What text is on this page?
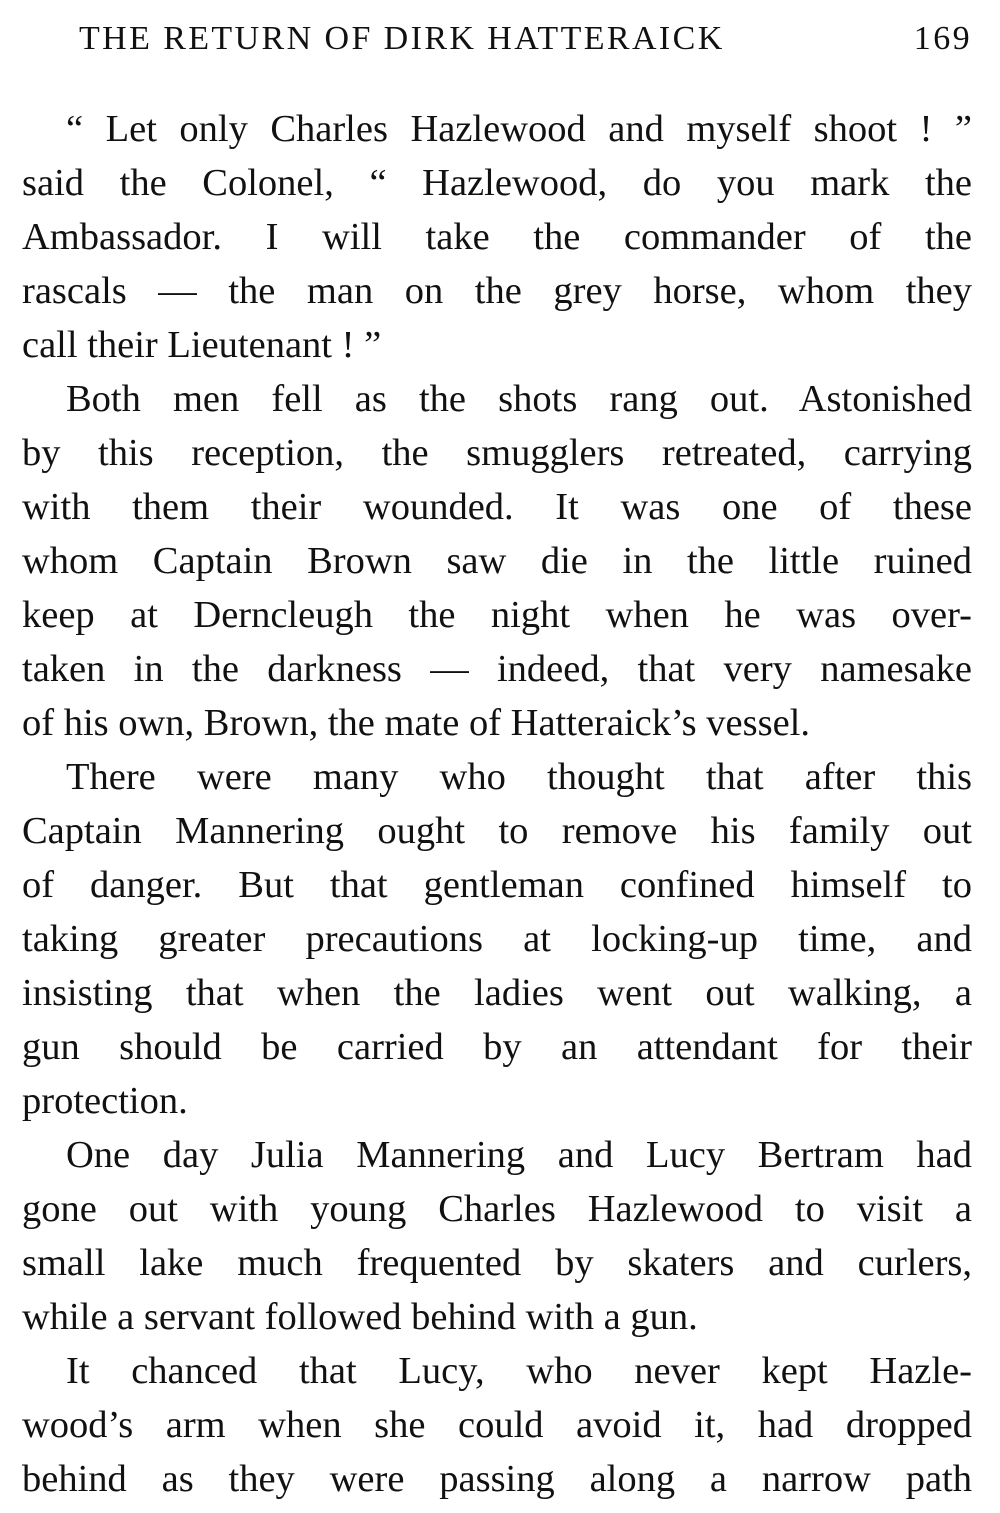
THE RETURN OF DIRK HATTERAICK	169
“ Let only Charles Hazlewood and myself shoot ! ”
said the Colonel, “ Hazlewood, do you mark the
Ambassador. I will take the commander of the
rascals — the man on the grey horse, whom they
call their Lieutenant ! ”
Both men fell as the shots rang out. Astonished
by this reception, the smugglers retreated, carrying
with them their wounded. It was one of these
whom Captain Brown saw die in the little ruined
keep at Derncleugh the night when he was over-
taken in the darkness — indeed, that very namesake
of his own, Brown, the mate of Hatteraick’s vessel.
There were many who thought that after this
Captain Mannering ought to remove his family out
of danger. But that gentleman confined himself to
taking greater precautions at locking-up time, and
insisting that when the ladies went out walking, a
gun should be carried by an attendant for their
protection.
One day Julia Mannering and Lucy Bertram had
gone out with young Charles Hazlewood to visit a
small lake much frequented by skaters and curlers,
while a servant followed behind with a gun.
It chanced that Lucy, who never kept Hazle-
wood’s arm when she could avoid it, had dropped
behind as they were passing along a narrow path
